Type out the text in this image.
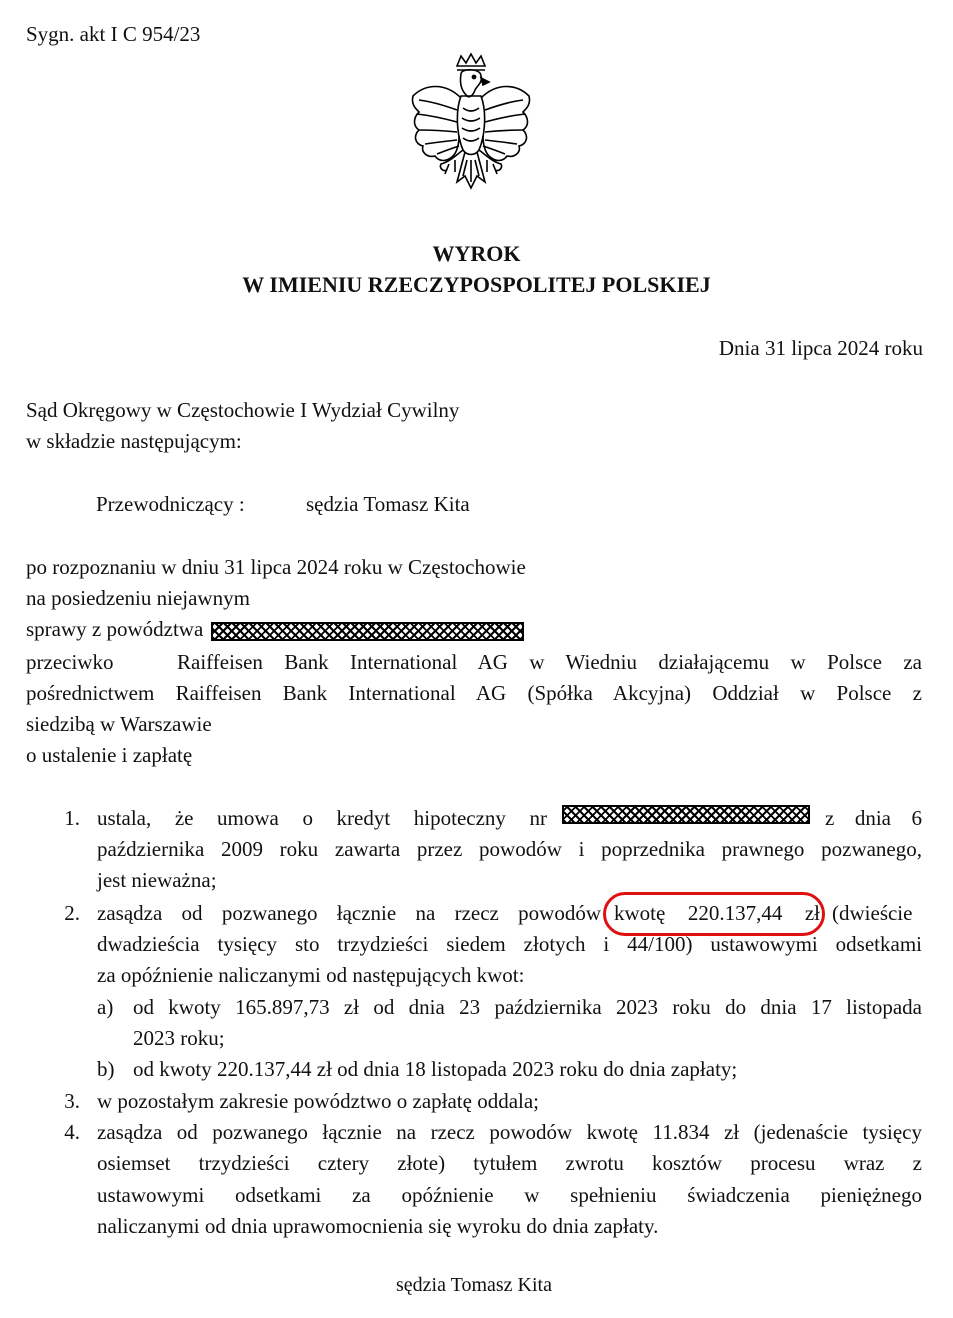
Sygn. akt I C 954/23
WYROK
W IMIENIU RZECZYPOSPOLITEJ POLSKIEJ
Dnia 31 lipca 2024 roku
Sąd Okręgowy w Częstochowie I Wydział Cywilny
w składzie następującym:
Przewodniczący :	sędzia Tomasz Kita
po rozpoznaniu w dniu 31 lipca 2024 roku w Częstochowie
na posiedzeniu niejawnym
sprawy z powództwa
przeciwko	Raiffeisen Bank International AG w Wiedniu działającemu w Polsce za
pośrednictwem Raiffeisen Bank International AG (Spółka Akcyjna) Oddział w Polsce z
siedzibą w Warszawie
o ustalenie i zapłatę
1. ustala, że umowa o kredyt hipoteczny nr	z dnia 6
października 2009 roku zawarta przez powodów i poprzednika prawnego pozwanego,
jest nieważna;
2. zasądza od pozwanego łącznie na rzecz powodów kwotę 220.137,44 zł (dwieście
dwadzieścia tysięcy sto trzydzieści siedem złotych i 44/100) ustawowymi odsetkami
za opóźnienie naliczanymi od następujących kwot:
a) od kwoty 165.897,73 zł od dnia 23 października 2023 roku do dnia 17 listopada
2023 roku;
b) od kwoty 220.137,44 zł od dnia 18 listopada 2023 roku do dnia zapłaty;
3. w pozostałym zakresie powództwo o zapłatę oddala;
4. zasądza od pozwanego łącznie na rzecz powodów kwotę 11.834 zł (jedenaście tysięcy
osiemset trzydzieści cztery złote) tytułem zwrotu kosztów procesu wraz z
ustawowymi odsetkami za opóźnienie w spełnieniu świadczenia pieniężnego
naliczanymi od dnia uprawomocnienia się wyroku do dnia zapłaty.
sędzia Tomasz Kita
